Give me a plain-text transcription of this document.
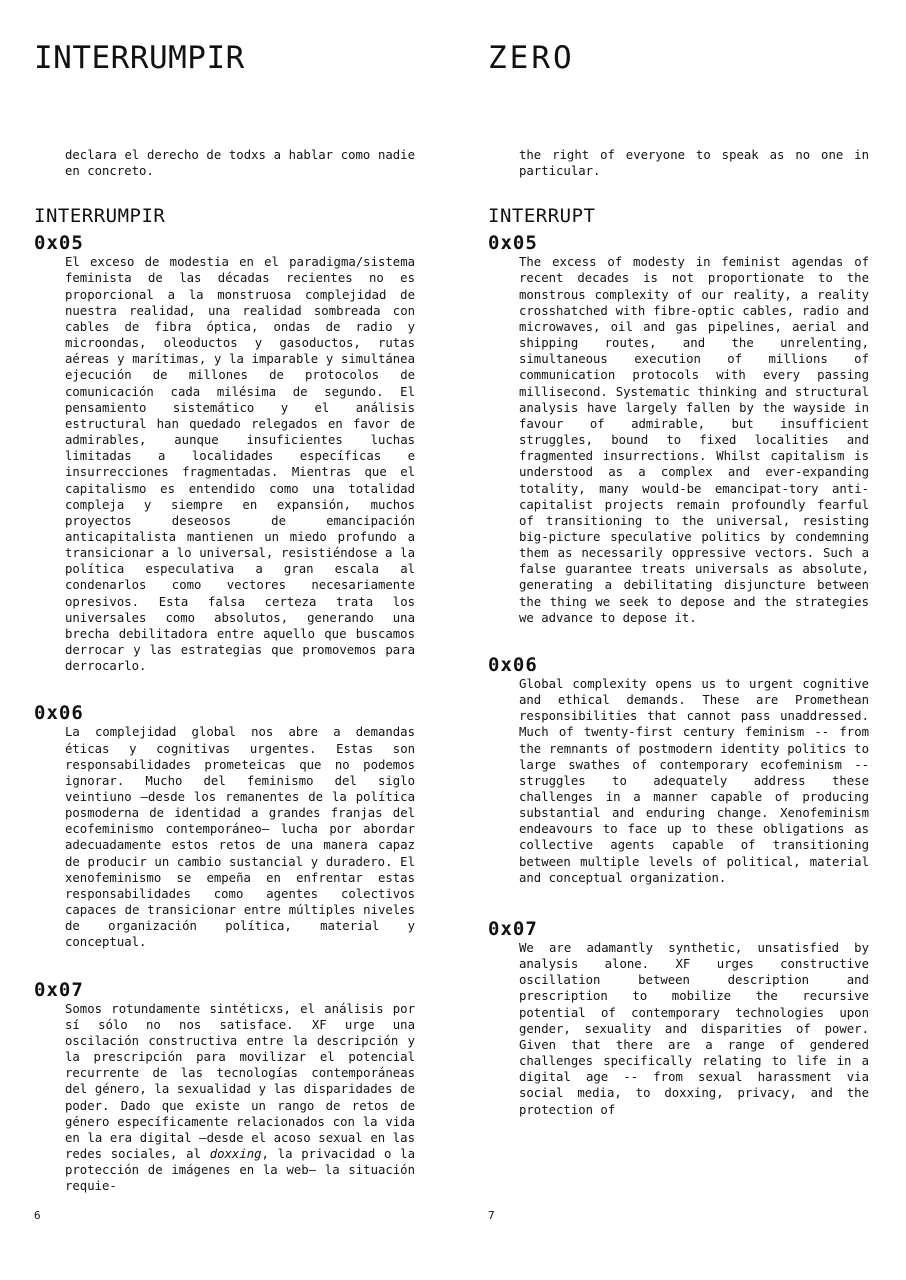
INTERRUMPIR

declara el derecho de todxs a hablar como nadie en concreto.

INTERRUMPIR
0x05

El exceso de modestia en el paradigma/sistema feminista de las décadas recientes no es proporcional a la monstruosa complejidad de nuestra realidad, una realidad sombreada con cables de fibra óptica, ondas de radio y microondas, oleoductos y gasoductos, rutas aéreas y marítimas, y la imparable y simultánea ejecución de millones de protocolos de comunicación cada milésima de segundo. El pensamiento sistemático y el análisis estructural han quedado relegados en favor de admirables, aunque insuficientes luchas limitadas a localidades específicas e insurrecciones fragmentadas. Mientras que el capitalismo es entendido como una totalidad compleja y siempre en expansión, muchos proyectos deseosos de emancipación anticapitalista mantienen un miedo profundo a transicionar a lo universal, resistiéndose a la política especulativa a gran escala al condenarlos como vectores necesariamente opresivos. Esta falsa certeza trata los universales como absolutos, generando una brecha debilitadora entre aquello que buscamos derrocar y las estrategias que promovemos para derrocarlo.

0x06

La complejidad global nos abre a demandas éticas y cognitivas urgentes. Estas son responsabilidades prometeicas que no podemos ignorar. Mucho del feminismo del siglo veintiuno —desde los remanentes de la política posmoderna de identidad a grandes franjas del ecofeminismo contemporáneo— lucha por abordar adecuadamente estos retos de una manera capaz de producir un cambio sustancial y duradero. El xenofeminismo se empeña en enfrentar estas responsabilidades como agentes colectivos capaces de transicionar entre múltiples niveles de organización política, material y conceptual.

0x07

Somos rotundamente sintéticxs, el análisis por sí sólo no nos satisface. XF urge una oscilación constructiva entre la descripción y la prescripción para movilizar el potencial recurrente de las tecnologías contemporáneas del género, la sexualidad y las disparidades de poder. Dado que existe un rango de retos de género específicamente relacionados con la vida en la era digital —desde el acoso sexual en las redes sociales, al doxxing, la privacidad o la protección de imágenes en la web— la situación requie-

6
ZERO

the right of everyone to speak as no one in particular.

INTERRUPT
0x05

The excess of modesty in feminist agendas of recent decades is not proportionate to the monstrous complexity of our reality, a reality crosshatched with fibre-optic cables, radio and microwaves, oil and gas pipelines, aerial and shipping routes, and the unrelenting, simultaneous execution of millions of communication protocols with every passing millisecond. Systematic thinking and structural analysis have largely fallen by the wayside in favour of admirable, but insufficient struggles, bound to fixed localities and fragmented insurrections. Whilst capitalism is understood as a complex and ever-expanding totality, many would-be emancipat-tory anti-capitalist projects remain profoundly fearful of transitioning to the universal, resisting big-picture speculative politics by condemning them as necessarily oppressive vectors. Such a false guarantee treats universals as absolute, generating a debilitating disjuncture between the thing we seek to depose and the strategies we advance to depose it.

0x06

Global complexity opens us to urgent cognitive and ethical demands. These are Promethean responsibilities that cannot pass unaddressed. Much of twenty-first century feminism -- from the remnants of postmodern identity politics to large swathes of contemporary ecofeminism -- struggles to adequately address these challenges in a manner capable of producing substantial and enduring change. Xenofeminism endeavours to face up to these obligations as collective agents capable of transitioning between multiple levels of political, material and conceptual organization.

0x07

We are adamantly synthetic, unsatisfied by analysis alone. XF urges constructive oscillation between description and prescription to mobilize the recursive potential of contemporary technologies upon gender, sexuality and disparities of power. Given that there are a range of gendered challenges specifically relating to life in a digital age -- from sexual harassment via social media, to doxxing, privacy, and the protection of

7
